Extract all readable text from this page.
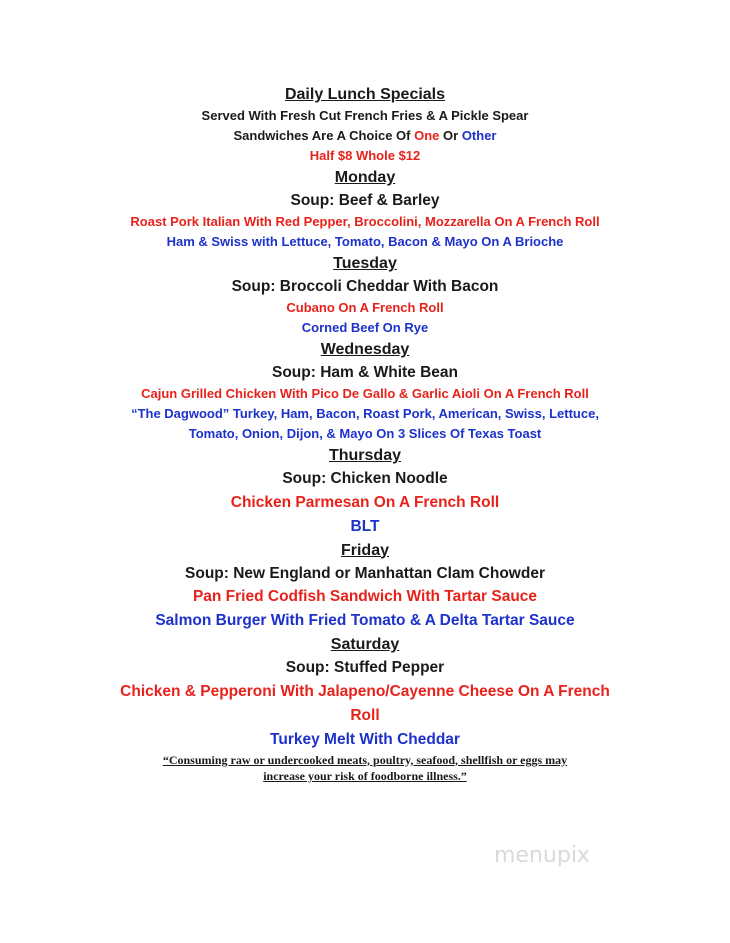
Daily Lunch Specials
Served With Fresh Cut French Fries & A Pickle Spear
Sandwiches Are A Choice Of One Or Other
Half $8 Whole $12
Monday
Soup: Beef & Barley
Roast Pork Italian With Red Pepper, Broccolini, Mozzarella On A French Roll
Ham & Swiss with Lettuce, Tomato, Bacon & Mayo On A Brioche
Tuesday
Soup: Broccoli Cheddar With Bacon
Cubano On A French Roll
Corned Beef On Rye
Wednesday
Soup: Ham & White Bean
Cajun Grilled Chicken With Pico De Gallo & Garlic Aioli On A French Roll
“The Dagwood” Turkey, Ham, Bacon, Roast Pork, American, Swiss, Lettuce,
Tomato, Onion, Dijon, & Mayo On 3 Slices Of Texas Toast
Thursday
Soup: Chicken Noodle
Chicken Parmesan On A French Roll
BLT
Friday
Soup: New England or Manhattan Clam Chowder
Pan Fried Codfish Sandwich With Tartar Sauce
Salmon Burger With Fried Tomato & A Delta Tartar Sauce
Saturday
Soup: Stuffed Pepper
Chicken & Pepperoni With Jalapeno/Cayenne Cheese On A French
Roll
Turkey Melt With Cheddar
“Consuming raw or undercooked meats, poultry, seafood, shellfish or eggs may
increase your risk of foodborne illness.”
menupix
